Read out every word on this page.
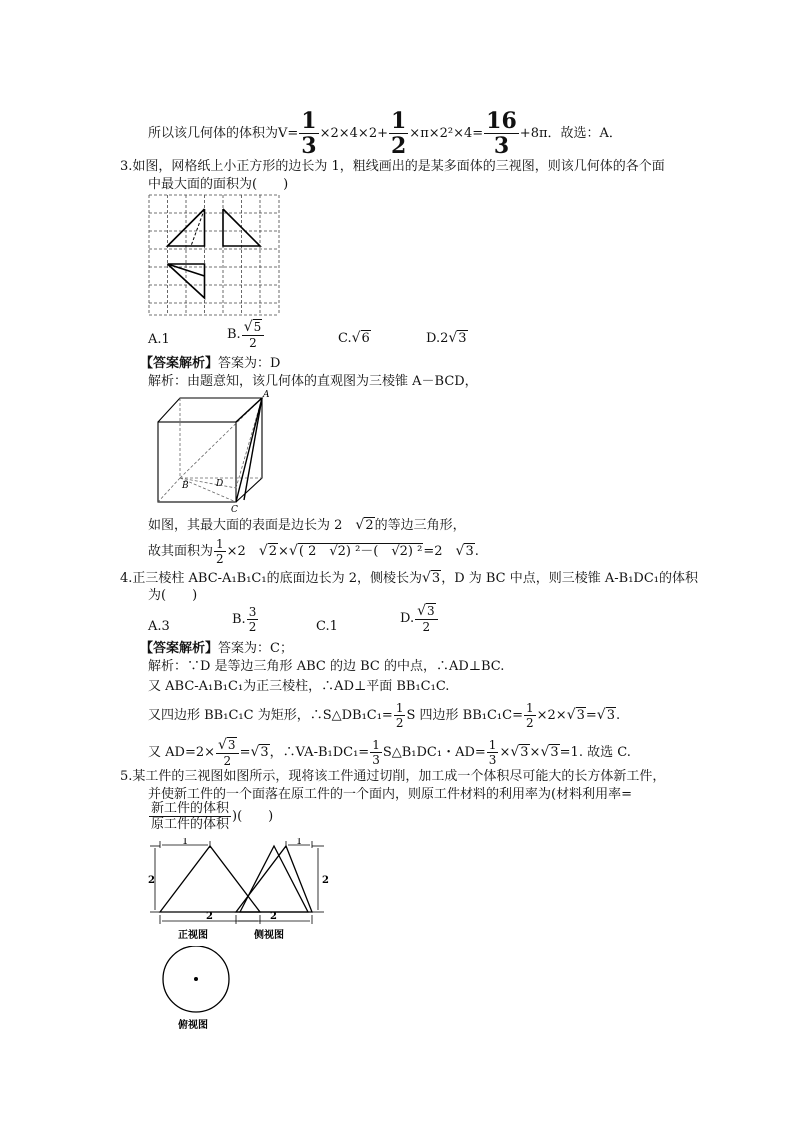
所以该几何体的体积为$V= \frac{1}{3} \times 2\times 4\times 2+ \frac{1}{2} \times\pi\times 2^2\times 4= \frac{16}{3} +8\pi$．故选：A．
3.如图，网格纸上小正方形的边长为 1，粗线画出的是某多面体的三视图，则该几何体的各个面
中最大面的面积为(　　)
A.1	B. $\frac{√5}{2}$	C.√6	D.2√3
【答案解析】答案为：D
解析：由题意知，该几何体的直观图为三棱锥 A－BCD，
A
B
C
D
如图，其最大面的表面是边长为 2　√2的等边三角形，
故其面积为 $\frac{1}{2} \times 2$　√2×√( 2　√2) ²－(　√2) ²=2　√3.
4.正三棱柱 ABC-A₁B₁C₁的底面边长为 2，侧棱长为√3，D 为 BC 中点，则三棱锥 A-B₁DC₁的体积
为(　　)
A.3	B. $\frac{3}{2}$	C.1
D. $\frac{√3}{2}$
【答案解析】答案为：C；
解析：∵D 是等边三角形 ABC 的边 BC 的中点，∴AD⊥BC.
又 ABC-A₁B₁C₁为正三棱柱，∴AD⊥平面 BB₁C₁C.
又四边形 BB₁C₁C 为矩形，∴S△DB₁C₁= $\frac{1}{2}$ S 四边形 $BB_1C_1C= \frac{1}{2} \times 2\times√3=√3$.
又 $AD=2\times \frac{√3}{2} =√3$，∴VA-B₁DC₁= $\frac{1}{3}$ S△B₁DC₁・$AD= \frac{1}{3} \times√3\times√3=1$. 故选 C.
5.某工件的三视图如图所示，现将该工件通过切削，加工成一个体积尽可能大的长方体新工件，
并使新工件的一个面落在原工件的一个面内，则原工件材料的利用率为(材料利用率=
$\frac{\text{新工件的体积}}{\text{原工件的体积}}$ )(　　)
1
2
2
正视图
1
2
2
侧视图
俯视图
